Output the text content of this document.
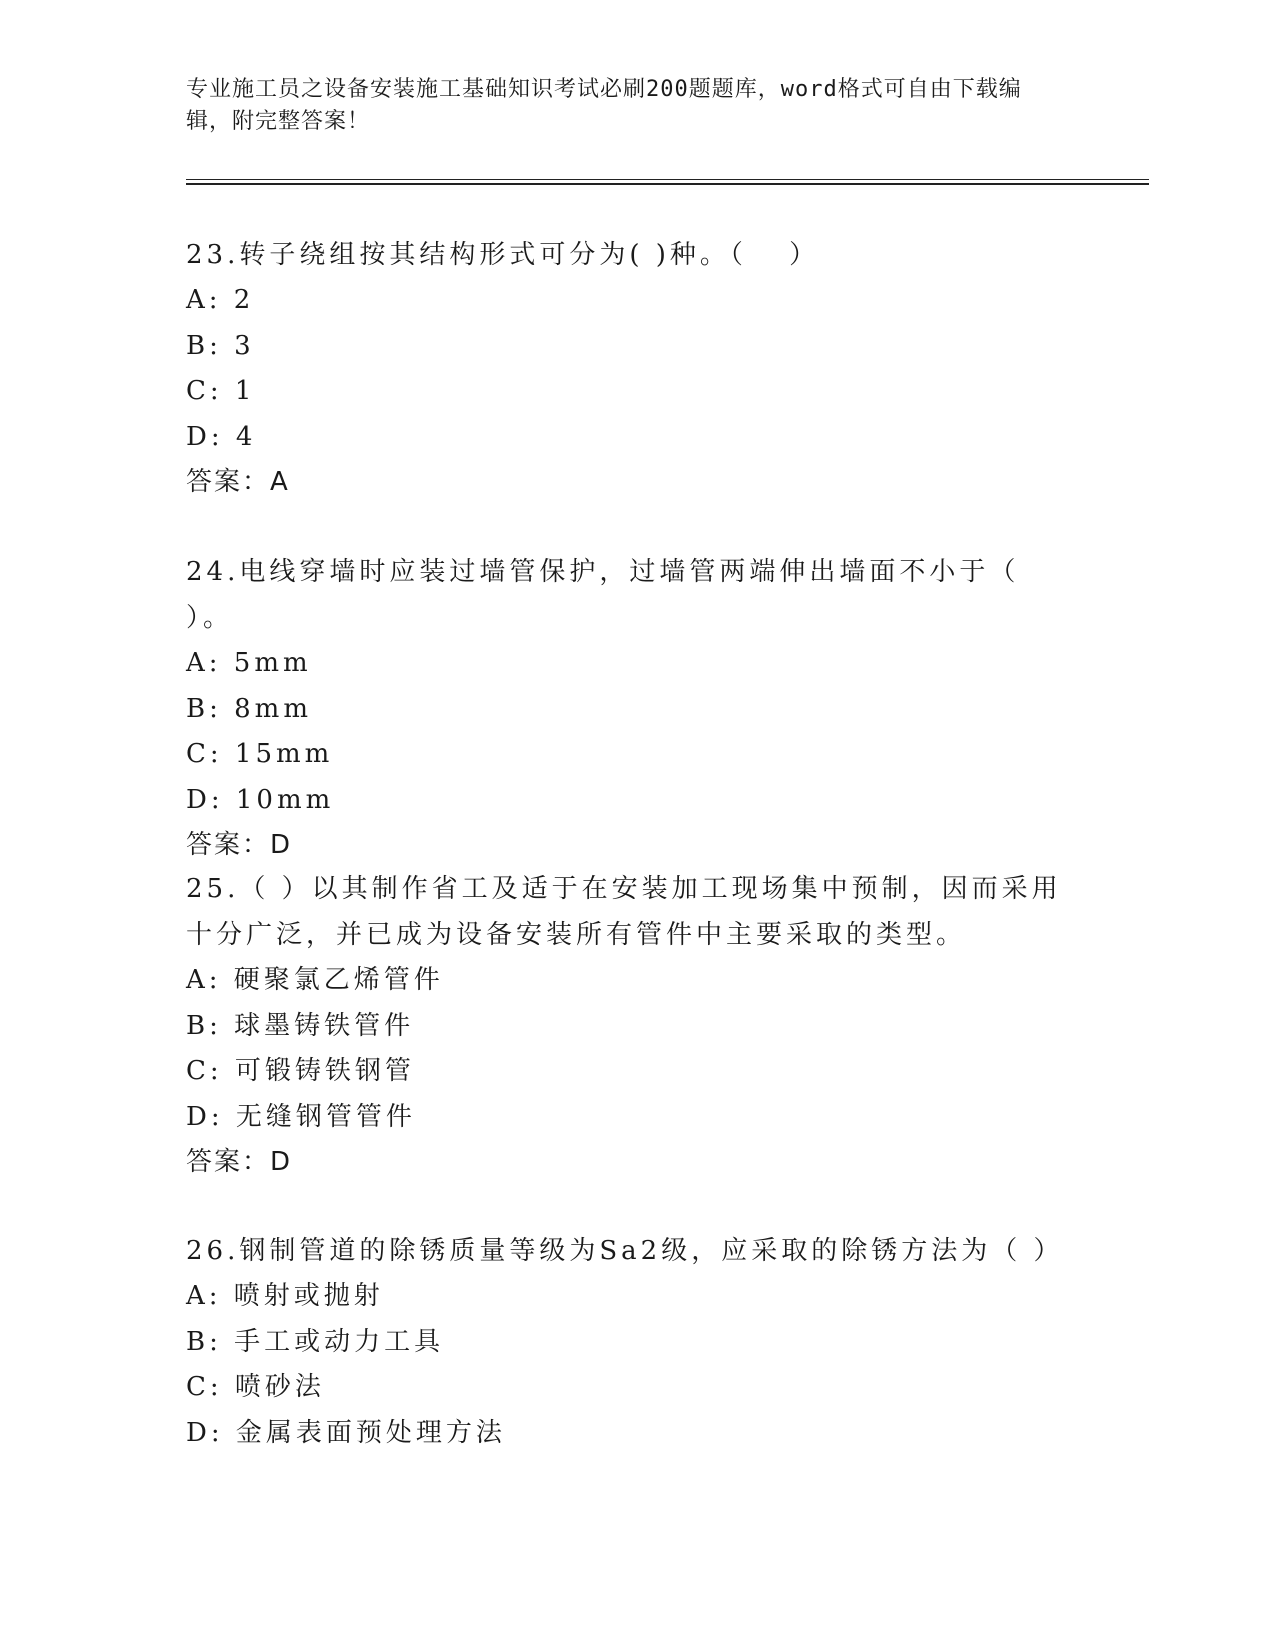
专业施工员之设备安装施工基础知识考试必刷200题题库，word格式可自由下载编辑，附完整答案！

23.转子绕组按其结构形式可分为( )种。（　 ）

A: 2

B: 3

C: 1

D: 4

答案：A

24.电线穿墙时应装过墙管保护，过墙管两端伸出墙面不小于（ ）。

A: 5mm

B: 8mm

C: 15mm

D: 10mm

答案：D

25.（ ）以其制作省工及适于在安装加工现场集中预制，因而采用十分广泛，并已成为设备安装所有管件中主要采取的类型。

A: 硬聚氯乙烯管件

B: 球墨铸铁管件

C: 可锻铸铁钢管

D: 无缝钢管管件

答案：D

26.钢制管道的除锈质量等级为Sa2级，应采取的除锈方法为（ ）

A: 喷射或抛射

B: 手工或动力工具

C: 喷砂法

D: 金属表面预处理方法
